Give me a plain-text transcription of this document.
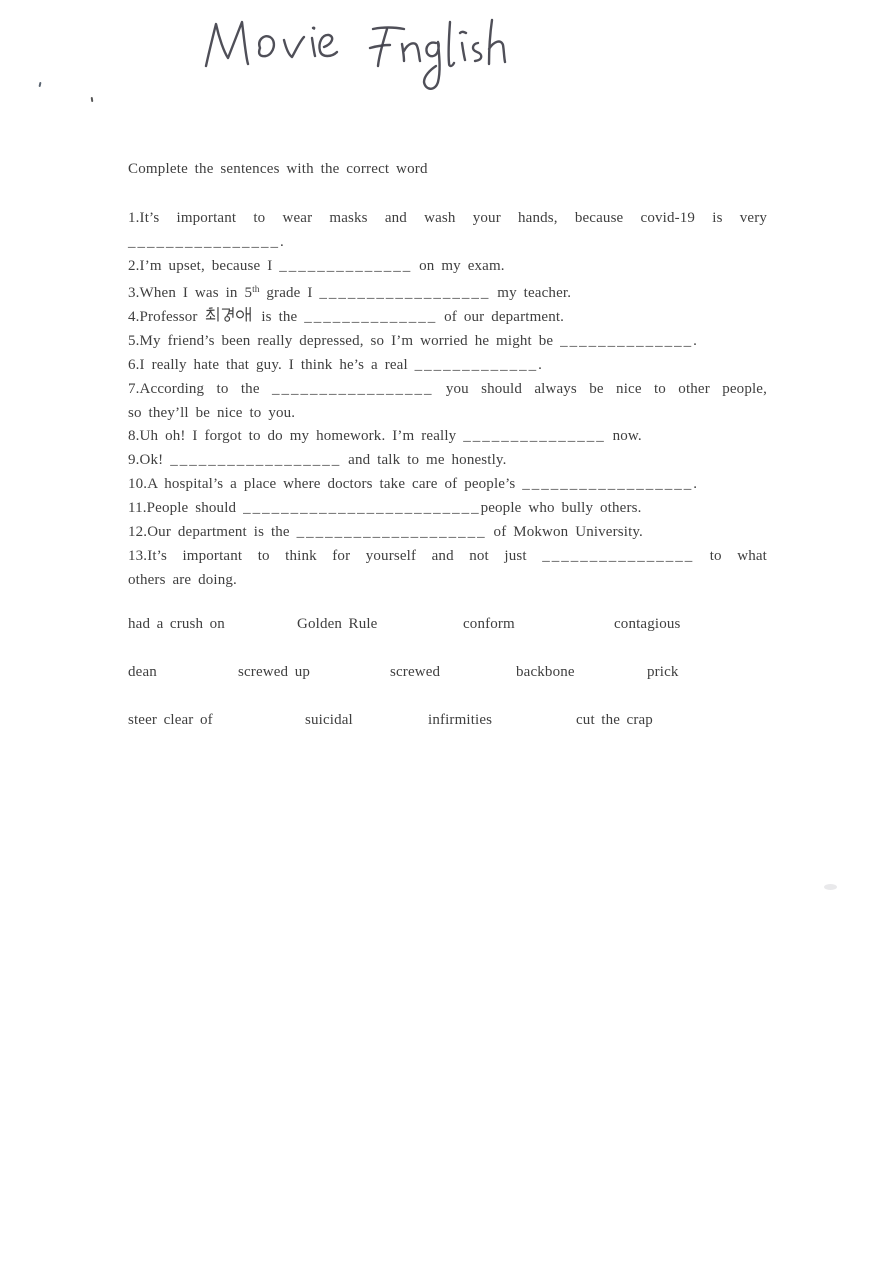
Complete the sentences with the correct word
1.It’s important to wear masks and wash your hands, because covid-19 is very
________________.
2.I’m upset, because I ______________ on my exam.
3.When I was in 5th grade I __________________ my teacher.
4.Professor	is the ______________ of our department.
5.My friend’s been really depressed, so I’m worried he might be ______________.
6.I really hate that guy. I think he’s a real _____________.
7.According to the _________________ you should always be nice to other people,
so they’ll be nice to you.
8.Uh oh! I forgot to do my homework. I’m really _______________ now.
9.Ok! __________________ and talk to me honestly.
10.A hospital’s a place where doctors take care of people’s __________________.
11.People should _________________________people who bully others.
12.Our department is the ____________________ of Mokwon University.
13.It’s important to think for yourself and not just ________________ to what
others are doing.
had a crush on	Golden Rule	conform	contagious
dean	screwed up	screwed	backbone	prick
steer clear of	suicidal	infirmities	cut the crap
